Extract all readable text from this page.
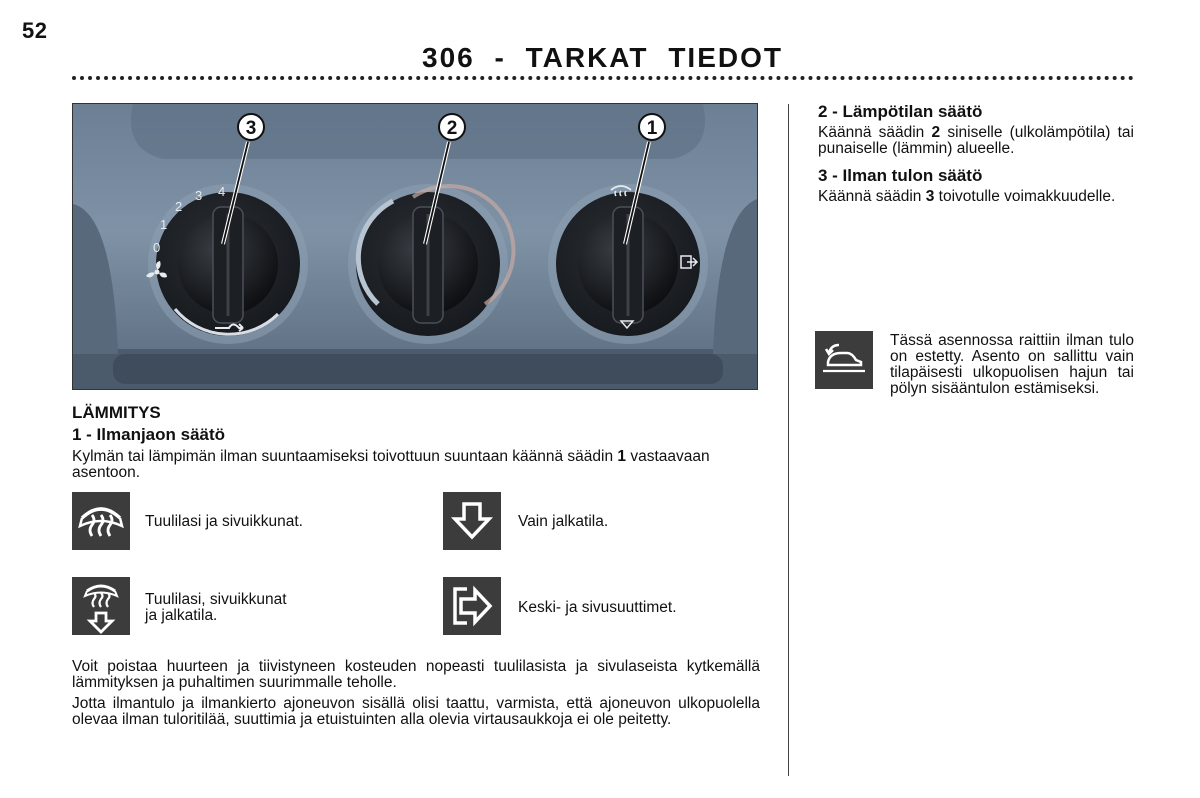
52
306 - TARKAT TIEDOT
0
1
2
3 4
3	2	1
LÄMMITYS
1 - Ilmanjaon säätö
Kylmän tai lämpimän ilman suuntaamiseksi toivottuun suuntaan käännä säädin 1 vastaavaan asentoon.
Tuulilasi ja sivuikkunat.	Vain jalkatila.
Tuulilasi, sivuikkunat
ja jalkatila.	Keski- ja sivusuuttimet.
Voit poistaa huurteen ja tiivistyneen kosteuden nopeasti tuulilasista ja sivulaseista kytkemällä lämmityksen ja puhaltimen suurimmalle teholle.
Jotta ilmantulo ja ilmankierto ajoneuvon sisällä olisi taattu, varmista, että ajoneuvon ulkopuolella olevaa ilman tuloritilää, suuttimia ja etuistuinten alla olevia virtausaukkoja ei ole peitetty.
2 - Lämpötilan säätö
Käännä säädin 2 siniselle (ulkolämpötila) tai punaiselle (lämmin) alueelle.
3 - Ilman tulon säätö
Käännä säädin 3 toivotulle voimakkuudelle.
Tässä asennossa raittiin ilman tulo on estetty. Asento on sallittu vain tilapäisesti ulkopuolisen hajun tai pölyn sisääntulon estämiseksi.
